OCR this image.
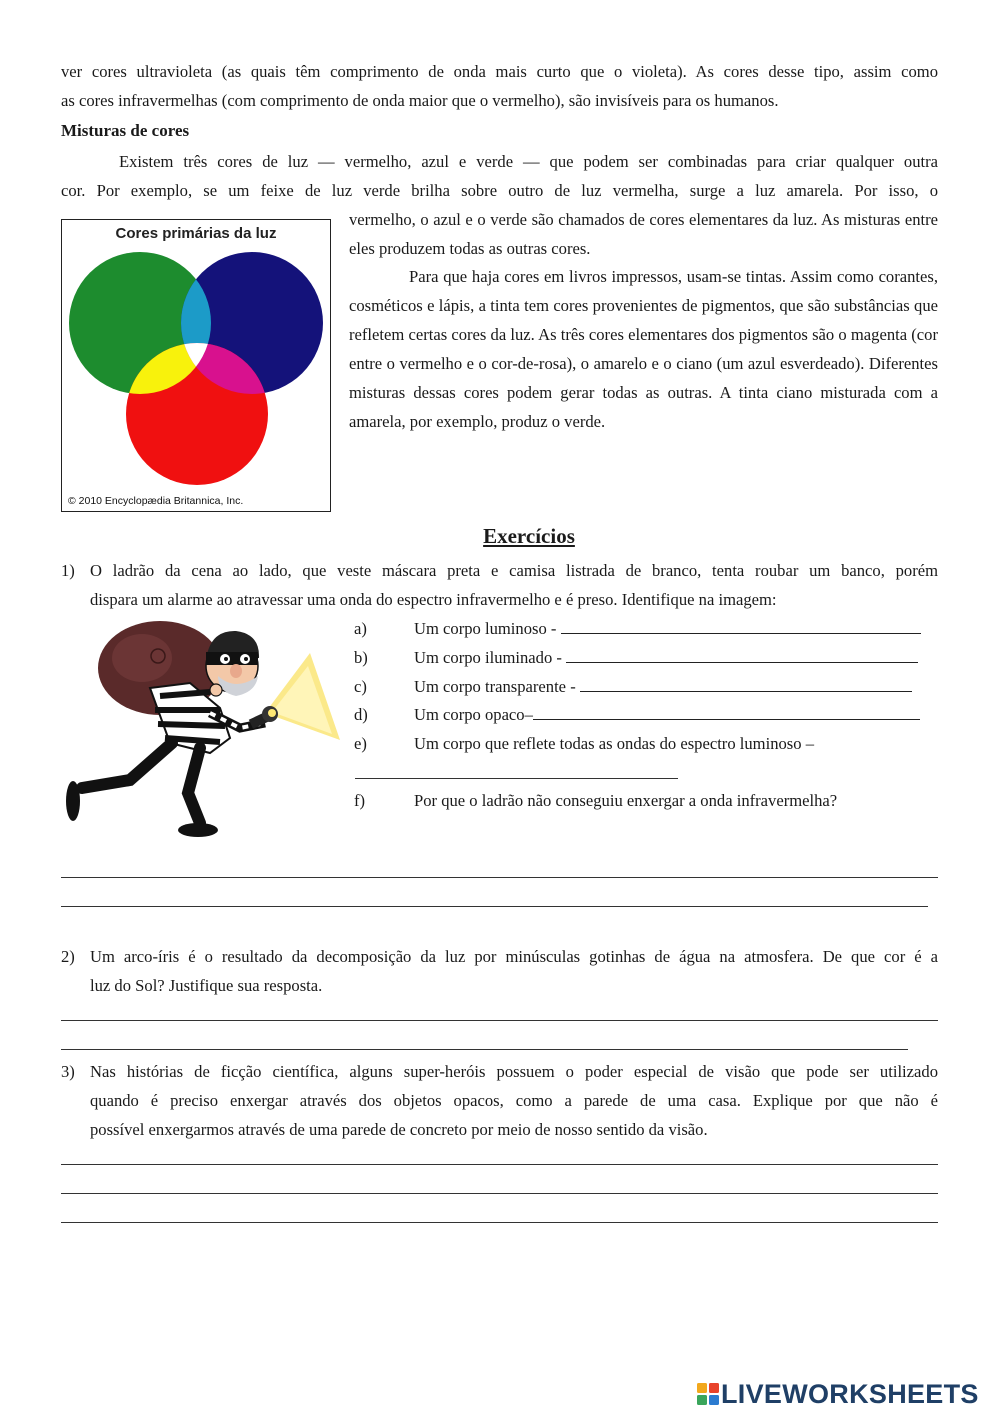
ver cores ultravioleta (as quais têm comprimento de onda mais curto que o violeta). As cores desse tipo, assim como
as cores infravermelhas (com comprimento de onda maior que o vermelho), são invisíveis para os humanos.
Misturas de cores
Existem três cores de luz — vermelho, azul e verde — que podem ser combinadas para criar qualquer outra
cor. Por exemplo, se um feixe de luz verde brilha sobre outro de luz vermelha, surge a luz amarela. Por isso, o
vermelho, o azul e o verde são chamados de cores elementares da luz. As misturas entre eles produzem todas as outras cores.
Para que haja cores em livros impressos, usam-se tintas. Assim como corantes, cosméticos e lápis, a tinta tem cores provenientes de pigmentos, que são substâncias que refletem certas cores da luz. As três cores elementares dos pigmentos são o magenta (cor entre o vermelho e o cor-de-rosa), o amarelo e o ciano (um azul esverdeado). Diferentes misturas dessas cores podem gerar todas as outras. A tinta ciano misturada com a amarela, por exemplo, produz o verde.
Cores primárias da luz
© 2010 Encyclopædia Britannica, Inc.
Exercícios
1) O ladrão da cena ao lado, que veste máscara preta e camisa listrada de branco, tenta roubar um banco, porém
dispara um alarme ao atravessar uma onda do espectro infravermelho e é preso. Identifique na imagem:
a)	Um corpo luminoso -
b)	Um corpo iluminado -
c)	Um corpo transparente -
d)	Um corpo opaco–
e)	Um corpo que reflete todas as ondas do espectro luminoso –
f)	Por que o ladrão não conseguiu enxergar a onda infravermelha?
2) Um arco-íris é o resultado da decomposição da luz por minúsculas gotinhas de água na atmosfera. De que cor é a
luz do Sol? Justifique sua resposta.
3) Nas histórias de ficção científica, alguns super-heróis possuem o poder especial de visão que pode ser utilizado
quando é preciso enxergar através dos objetos opacos, como a parede de uma casa. Explique por que não é
possível enxergarmos através de uma parede de concreto por meio de nosso sentido da visão.
LIVEWORKSHEETS
